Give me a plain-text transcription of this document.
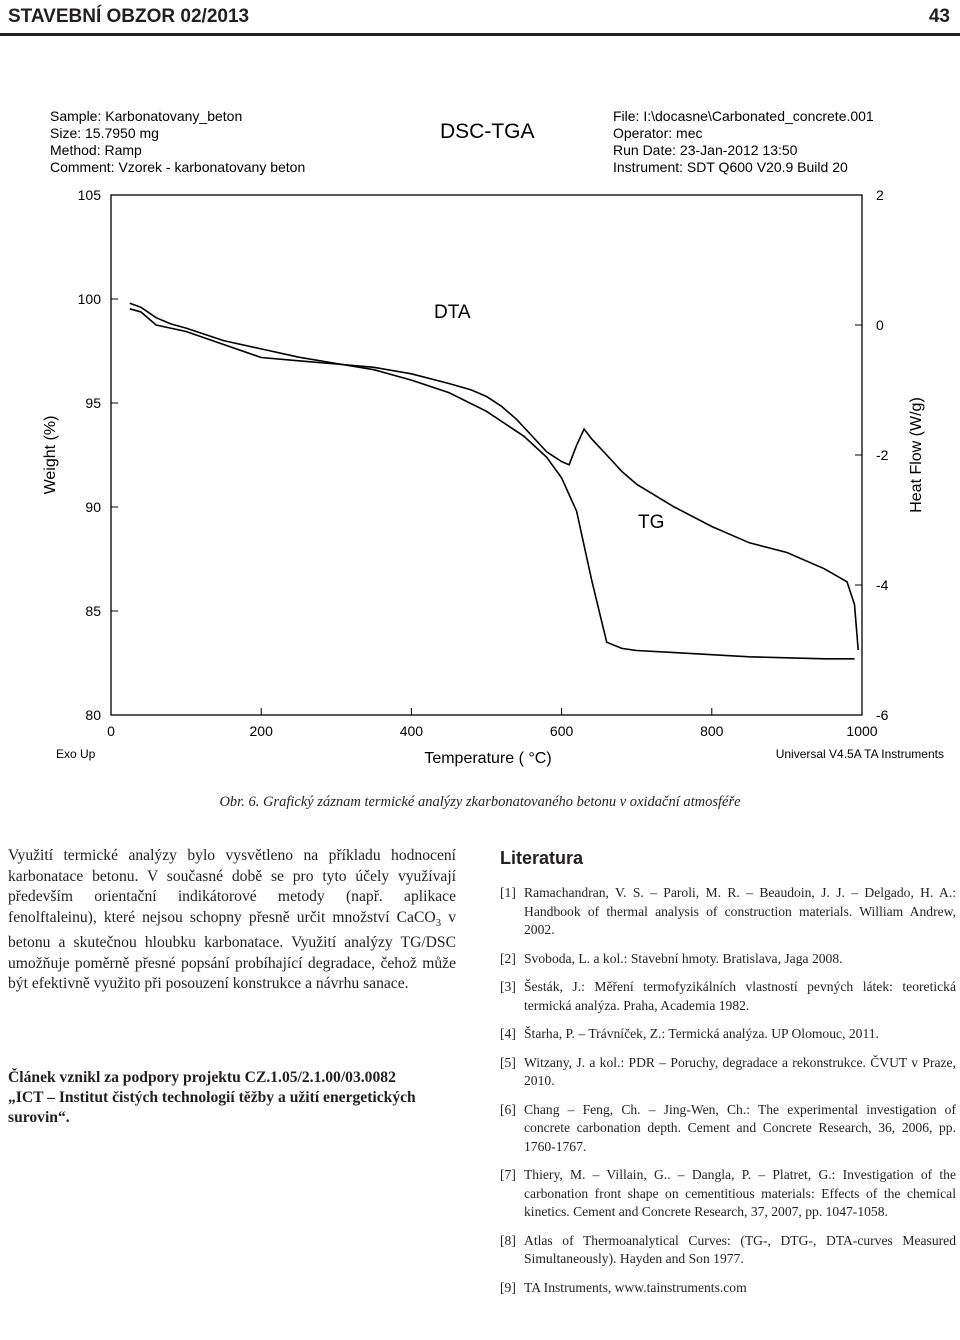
STAVEBNÍ OBZOR 02/2013	43
Sample: Karbonatovany_beton
Size: 15.7950 mg
Method: Ramp
Comment: Vzorek - karbonatovany beton
DSC-TGA
File: I:\docasne\Carbonated_concrete.001
Operator: mec
Run Date: 23-Jan-2012 13:50
Instrument: SDT Q600 V20.9 Build 20
0	200	400	600	800	1000
80
85
90
95
100
105
-6
-4
-2
0
2
DTA
TG
Temperature ( °C)
Weight (%)	Heat Flow (W/g)
Exo Up	Universal V4.5A TA Instruments
Obr. 6. Grafický záznam termické analýzy zkarbonatovaného betonu v oxidační atmosféře

Využití termické analýzy bylo vysvětleno na příkladu hodnocení karbonatace betonu. V současné době se pro tyto účely využívají především orientační indikátorové metody (např. aplikace fenolftaleinu), které nejsou schopny přesně určit množství CaCO$_3$ v betonu a skutečnou hloubku karbonatace. Využití analýzy TG/DSC umožňuje poměrně přesné popsání probíhající degradace, čehož může být efektivně využito při posouzení konstrukce a návrhu sanace.

Článek vznikl za podpory projektu CZ.1.05/2.1.00/03.0082

„ICT – Institut čistých technologií těžby a užití energetických surovin“.

Literatura
[1] Ramachandran, V. S. – Paroli, M. R. – Beaudoin, J. J. – Delgado, H. A.: Handbook of thermal analysis of construction materials. William Andrew, 2002.
[2] Svoboda, L. a kol.: Stavební hmoty. Bratislava, Jaga 2008.
[3] Šesták, J.: Měření termofyzikálních vlastností pevných látek: teoretická termická analýza. Praha, Academia 1982.
[4] Štarha, P. – Trávníček, Z.: Termická analýza. UP Olomouc, 2011.
[5] Witzany, J. a kol.: PDR – Poruchy, degradace a rekonstrukce. ČVUT v Praze, 2010.
[6] Chang – Feng, Ch. – Jing-Wen, Ch.: The experimental investigation of concrete carbonation depth. Cement and Concrete Research, 36, 2006, pp. 1760-1767.
[7] Thiery, M. – Villain, G.. – Dangla, P. – Platret, G.: Investigation of the carbonation front shape on cementitious materials: Effects of the chemical kinetics. Cement and Concrete Research, 37, 2007, pp. 1047-1058.
[8] Atlas of Thermoanalytical Curves: (TG-, DTG-, DTA-curves Measured Simultaneously). Hayden and Son 1977.
[9] TA Instruments, www.tainstruments.com
